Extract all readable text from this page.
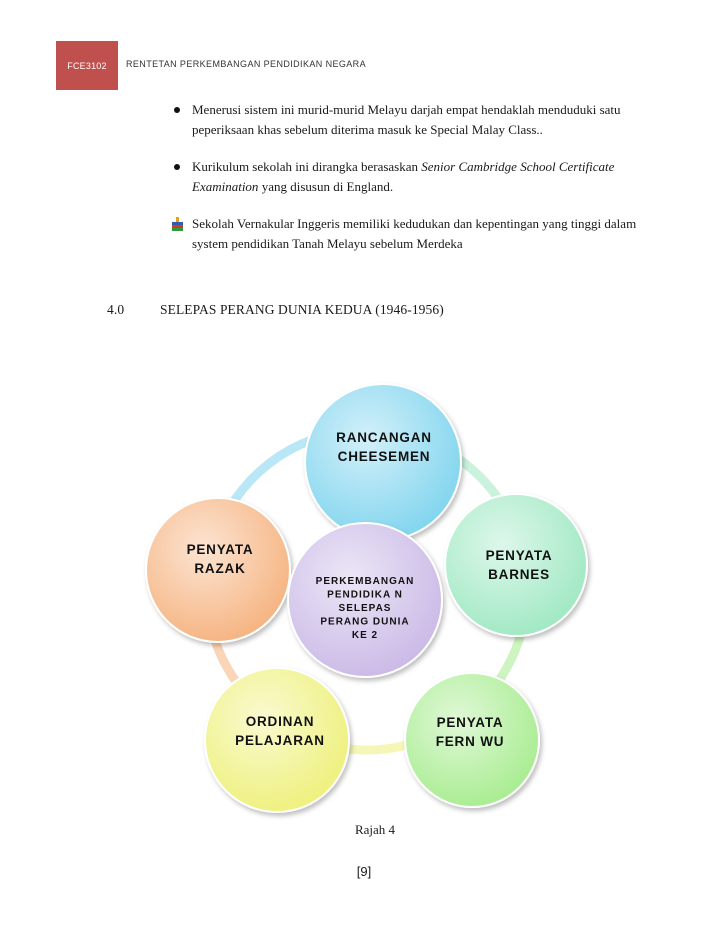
FCE3102 RENTETAN PERKEMBANGAN PENDIDIKAN NEGARA
Menerusi sistem ini murid-murid Melayu darjah empat hendaklah menduduki satu peperiksaan khas sebelum diterima masuk ke Special Malay Class..
Kurikulum sekolah ini dirangka berasaskan Senior Cambridge School Certificate Examination yang disusun di England.
Sekolah Vernakular Inggeris memiliki kedudukan dan kepentingan yang tinggi dalam system pendidikan Tanah Melayu sebelum Merdeka
4.0	SELEPAS PERANG DUNIA KEDUA (1946-1956)
RANCANGAN
CHEESEMEN
PENYATA
BARNES
PENYATA
FERN WU
ORDINAN
PELAJARAN
PENYATA
RAZAK
PERKEMBANGAN
PENDIDIKA N
SELEPAS
PERANG DUNIA
KE 2
Rajah 4
[9]
